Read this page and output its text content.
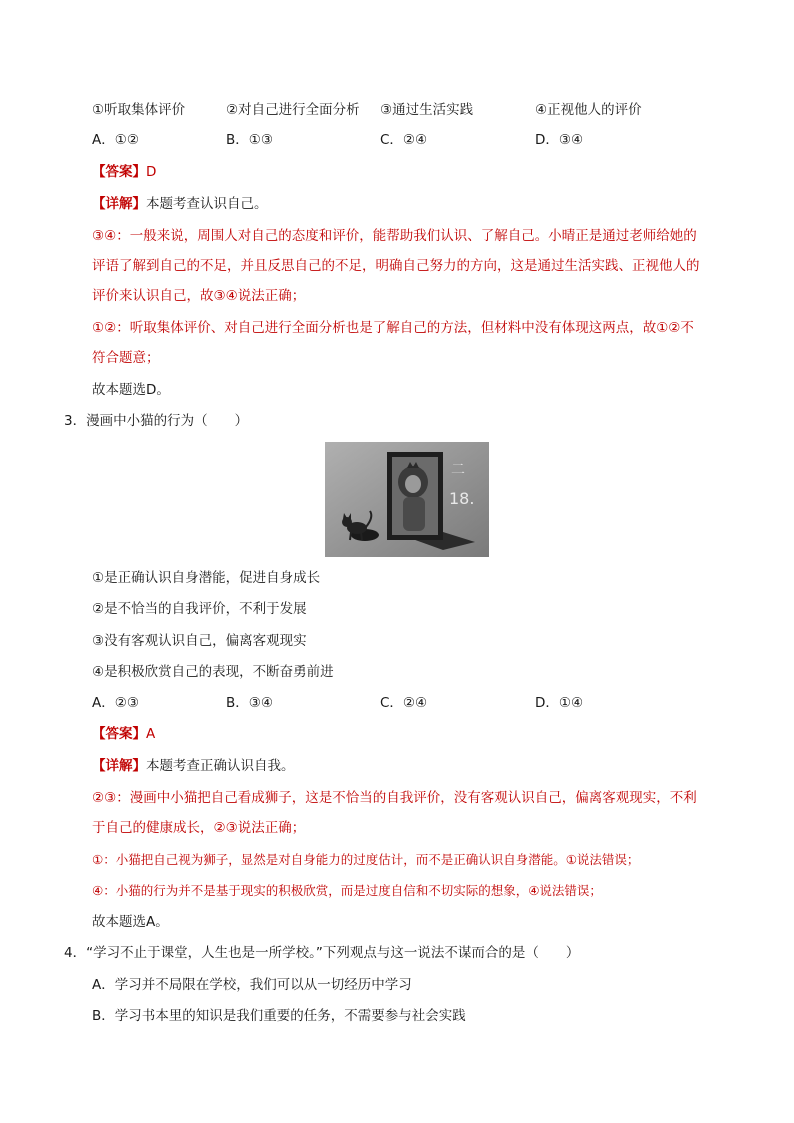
①听取集体评价	②对自己进行全面分析 ③通过生活实践	④正视他人的评价
A．①②	B．①③	C．②④	D．③④
【答案】D
【详解】本题考查认识自己。
③④：一般来说，周围人对自己的态度和评价，能帮助我们认识、了解自己。小晴正是通过老师给她的
评语了解到自己的不足，并且反思自己的不足，明确自己努力的方向，这是通过生活实践、正视他人的
评价来认识自己，故③④说法正确；
①②：听取集体评价、对自己进行全面分析也是了解自己的方法，但材料中没有体现这两点，故①②不
符合题意；
故本题选D。
3．漫画中小猫的行为（　　）
二
18.
①是正确认识自身潜能，促进自身成长
②是不恰当的自我评价，不利于发展
③没有客观认识自己，偏离客观现实
④是积极欣赏自己的表现，不断奋勇前进
A．②③	B．③④	C．②④	D．①④
【答案】A
【详解】本题考查正确认识自我。
②③：漫画中小猫把自己看成狮子，这是不恰当的自我评价，没有客观认识自己，偏离客观现实，不利
于自己的健康成长，②③说法正确；
①：小猫把自己视为狮子，显然是对自身能力的过度估计，而不是正确认识自身潜能。①说法错误；
④：小猫的行为并不是基于现实的积极欣赏，而是过度自信和不切实际的想象，④说法错误；
故本题选A。
4．“学习不止于课堂，人生也是一所学校。”下列观点与这一说法不谋而合的是（　　）
A．学习并不局限在学校，我们可以从一切经历中学习
B．学习书本里的知识是我们重要的任务，不需要参与社会实践
